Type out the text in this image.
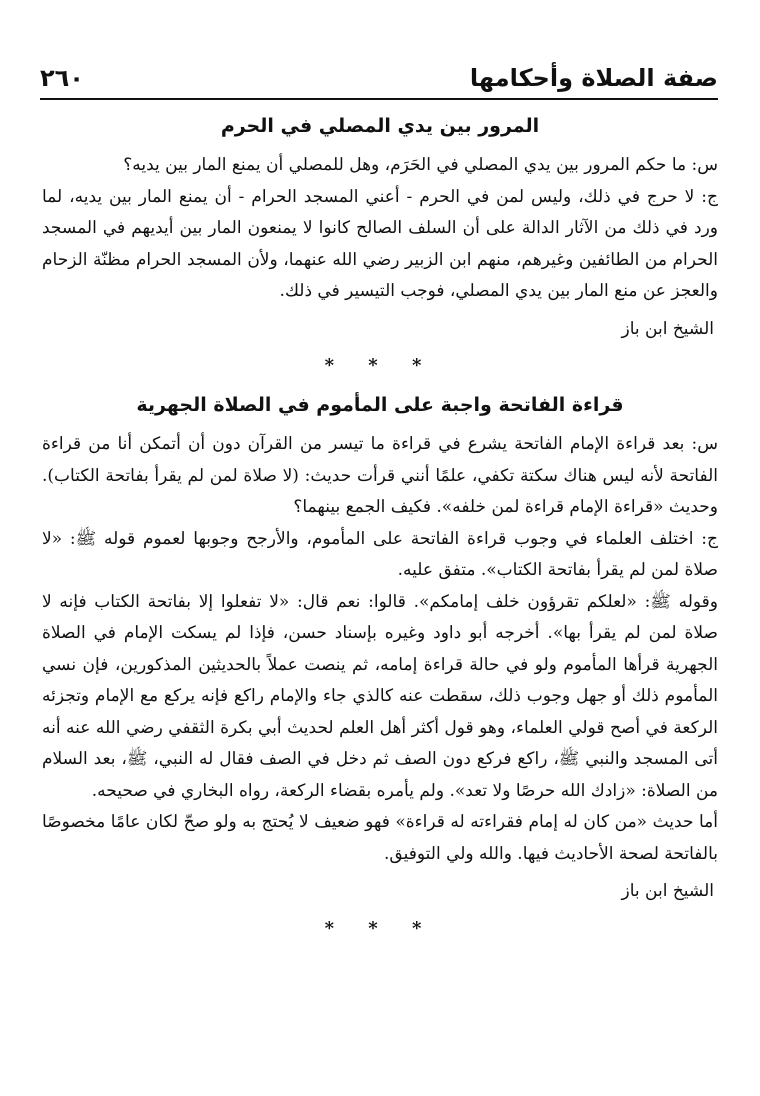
صفة الصلاة وأحكامها
٢٦٠
المرور بين يدي المصلي في الحرم

س: ما حكم المرور بين يدي المصلي في الحَرَم، وهل للمصلي أن يمنع المار بين يديه؟

ج: لا حرج في ذلك، وليس لمن في الحرم - أعني المسجد الحرام - أن يمنع المار بين يديه، لما ورد في ذلك من الآثار الدالة على أن السلف الصالح كانوا لا يمنعون المار بين أيديهم في المسجد الحرام من الطائفين وغيرهم، منهم ابن الزبير رضي الله عنهما، ولأن المسجد الحرام مظنّة الزحام والعجز عن منع المار بين يدي المصلي، فوجب التيسير في ذلك.

الشيخ ابن باز
* * *
قراءة الفاتحة واجبة على المأموم في الصلاة الجهرية

س: بعد قراءة الإمام الفاتحة يشرع في قراءة ما تيسر من القرآن دون أن أتمكن أنا من قراءة الفاتحة لأنه ليس هناك سكتة تكفي، علمًا أنني قرأت حديث: (لا صلاة لمن لم يقرأ بفاتحة الكتاب). وحديث «قراءة الإمام قراءة لمن خلفه». فكيف الجمع بينهما؟

ج: اختلف العلماء في وجوب قراءة الفاتحة على المأموم، والأرجح وجوبها لعموم قوله ﷺ: «لا صلاة لمن لم يقرأ بفاتحة الكتاب». متفق عليه.

وقوله ﷺ: «لعلكم تقرؤون خلف إمامكم». قالوا: نعم قال: «لا تفعلوا إلا بفاتحة الكتاب فإنه لا صلاة لمن لم يقرأ بها». أخرجه أبو داود وغيره بإسناد حسن، فإذا لم يسكت الإمام في الصلاة الجهرية قرأها المأموم ولو في حالة قراءة إمامه، ثم ينصت عملاً بالحديثين المذكورين، فإن نسي المأموم ذلك أو جهل وجوب ذلك، سقطت عنه كالذي جاء والإمام راكع فإنه يركع مع الإمام وتجزئه الركعة في أصح قولي العلماء، وهو قول أكثر أهل العلم لحديث أبي بكرة الثقفي رضي الله عنه أنه أتى المسجد والنبي ﷺ، راكع فركع دون الصف ثم دخل في الصف فقال له النبي، ﷺ، بعد السلام من الصلاة: «زادك الله حرصًا ولا تعد». ولم يأمره بقضاء الركعة، رواه البخاري في صحيحه.

أما حديث «من كان له إمام فقراءته له قراءة» فهو ضعيف لا يُحتج به ولو صحّ لكان عامًا مخصوصًا بالفاتحة لصحة الأحاديث فيها. والله ولي التوفيق.

الشيخ ابن باز
* * *
